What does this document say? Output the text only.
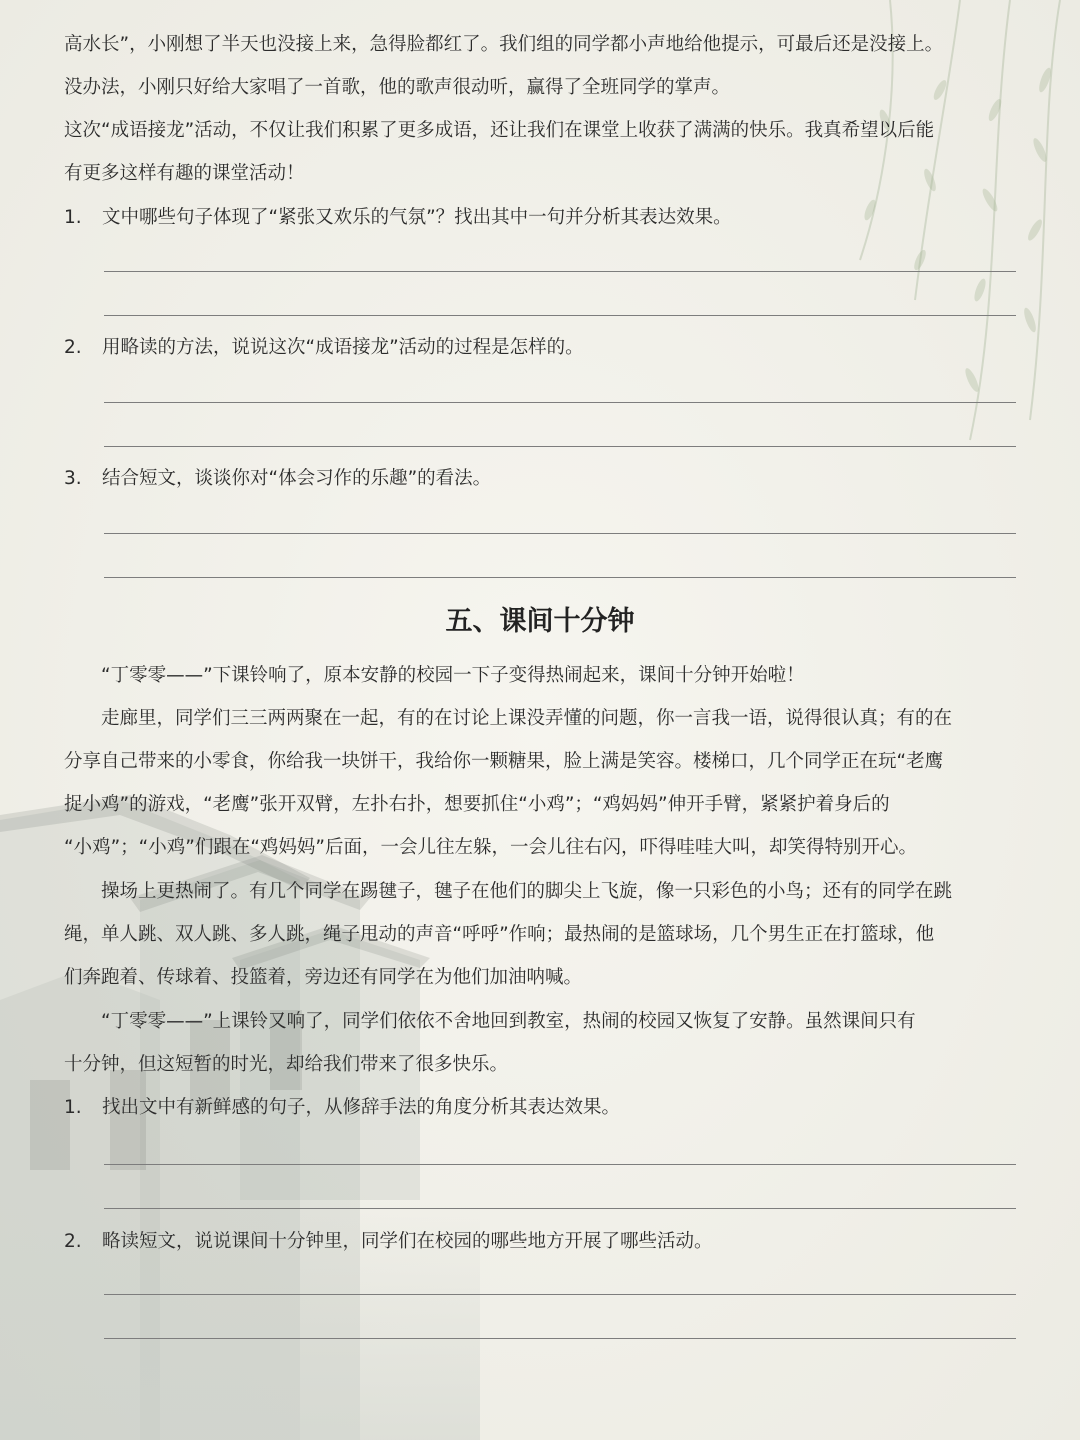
高水长”，小刚想了半天也没接上来，急得脸都红了。我们组的同学都小声地给他提示，可最后还是没接上。

没办法，小刚只好给大家唱了一首歌，他的歌声很动听，赢得了全班同学的掌声。

这次“成语接龙”活动，不仅让我们积累了更多成语，还让我们在课堂上收获了满满的快乐。我真希望以后能

有更多这样有趣的课堂活动！

1. 文中哪些句子体现了“紧张又欢乐的气氛”？找出其中一句并分析其表达效果。

2. 用略读的方法，说说这次“成语接龙”活动的过程是怎样的。

3. 结合短文，谈谈你对“体会习作的乐趣”的看法。

五、课间十分钟

“丁零零——”下课铃响了，原本安静的校园一下子变得热闹起来，课间十分钟开始啦！

走廊里，同学们三三两两聚在一起，有的在讨论上课没弄懂的问题，你一言我一语，说得很认真；有的在

分享自己带来的小零食，你给我一块饼干，我给你一颗糖果，脸上满是笑容。楼梯口，几个同学正在玩“老鹰

捉小鸡”的游戏，“老鹰”张开双臂，左扑右扑，想要抓住“小鸡”；“鸡妈妈”伸开手臂，紧紧护着身后的

“小鸡”；“小鸡”们跟在“鸡妈妈”后面，一会儿往左躲，一会儿往右闪，吓得哇哇大叫，却笑得特别开心。

操场上更热闹了。有几个同学在踢毽子，毽子在他们的脚尖上飞旋，像一只彩色的小鸟；还有的同学在跳

绳，单人跳、双人跳、多人跳，绳子甩动的声音“呼呼”作响；最热闹的是篮球场，几个男生正在打篮球，他

们奔跑着、传球着、投篮着，旁边还有同学在为他们加油呐喊。

“丁零零——”上课铃又响了，同学们依依不舍地回到教室，热闹的校园又恢复了安静。虽然课间只有

十分钟，但这短暂的时光，却给我们带来了很多快乐。

1. 找出文中有新鲜感的句子，从修辞手法的角度分析其表达效果。

2. 略读短文，说说课间十分钟里，同学们在校园的哪些地方开展了哪些活动。
